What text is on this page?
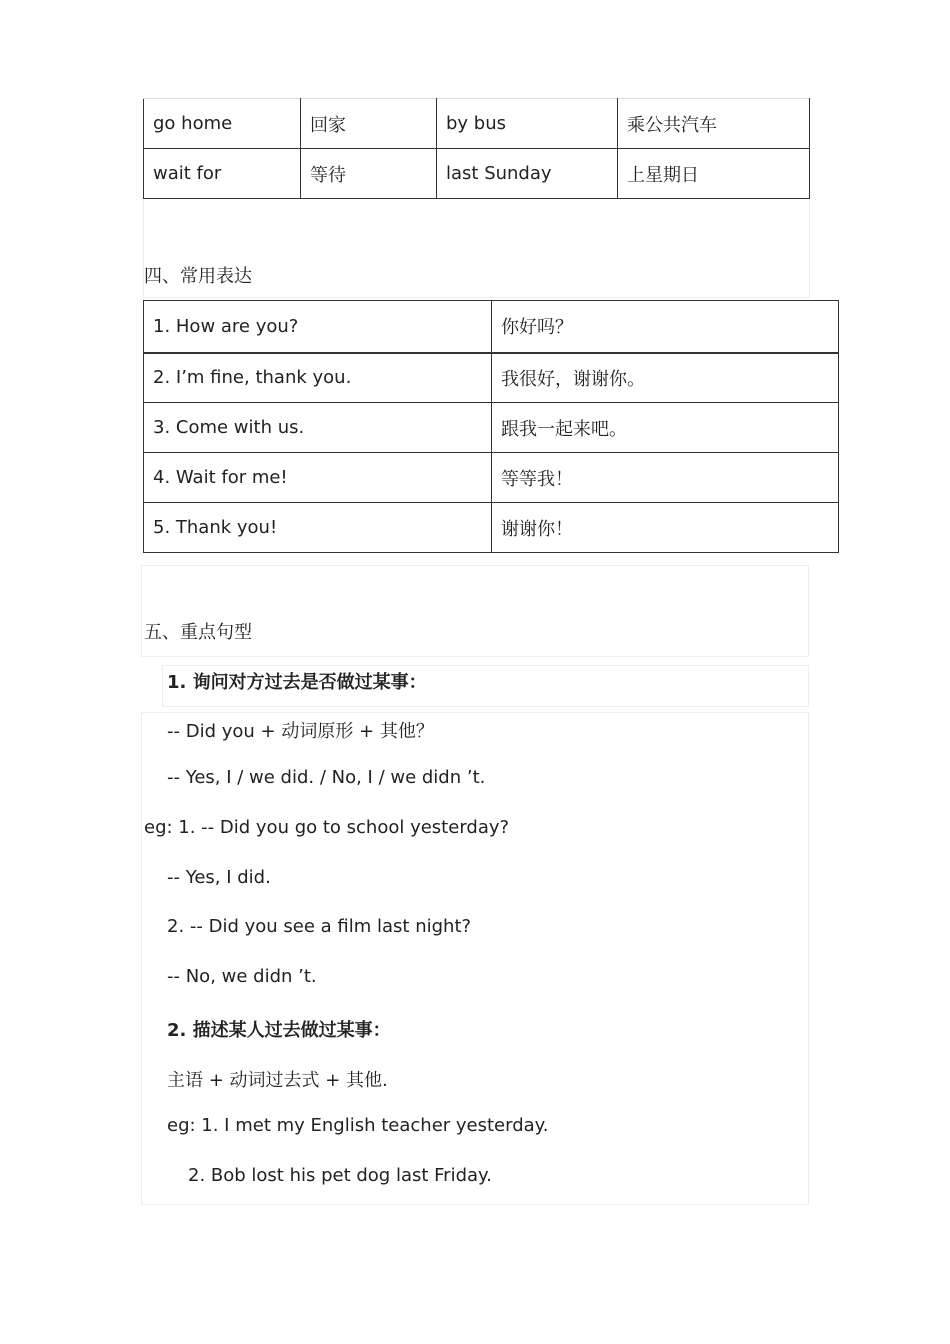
go home	回家	by bus	乘公共汽车
wait for	等待	last Sunday	上星期日
四、常用表达
1. How are you?	你好吗？
2. I’m fine, thank you.	我很好，谢谢你。
3. Come with us.	跟我一起来吧。
4. Wait for me!	等等我！
5. Thank you!	谢谢你！
五、重点句型
1. 询问对方过去是否做过某事：
-- Did you + 动词原形 + 其他？
-- Yes, I / we did. / No, I / we didn ’t.
eg: 1. -- Did you go to school yesterday?
-- Yes, I did.
2. -- Did you see a film last night?
-- No, we didn ’t.
2. 描述某人过去做过某事：
主语 + 动词过去式 + 其他.
eg: 1. I met my English teacher yesterday.
2. Bob lost his pet dog last Friday.
